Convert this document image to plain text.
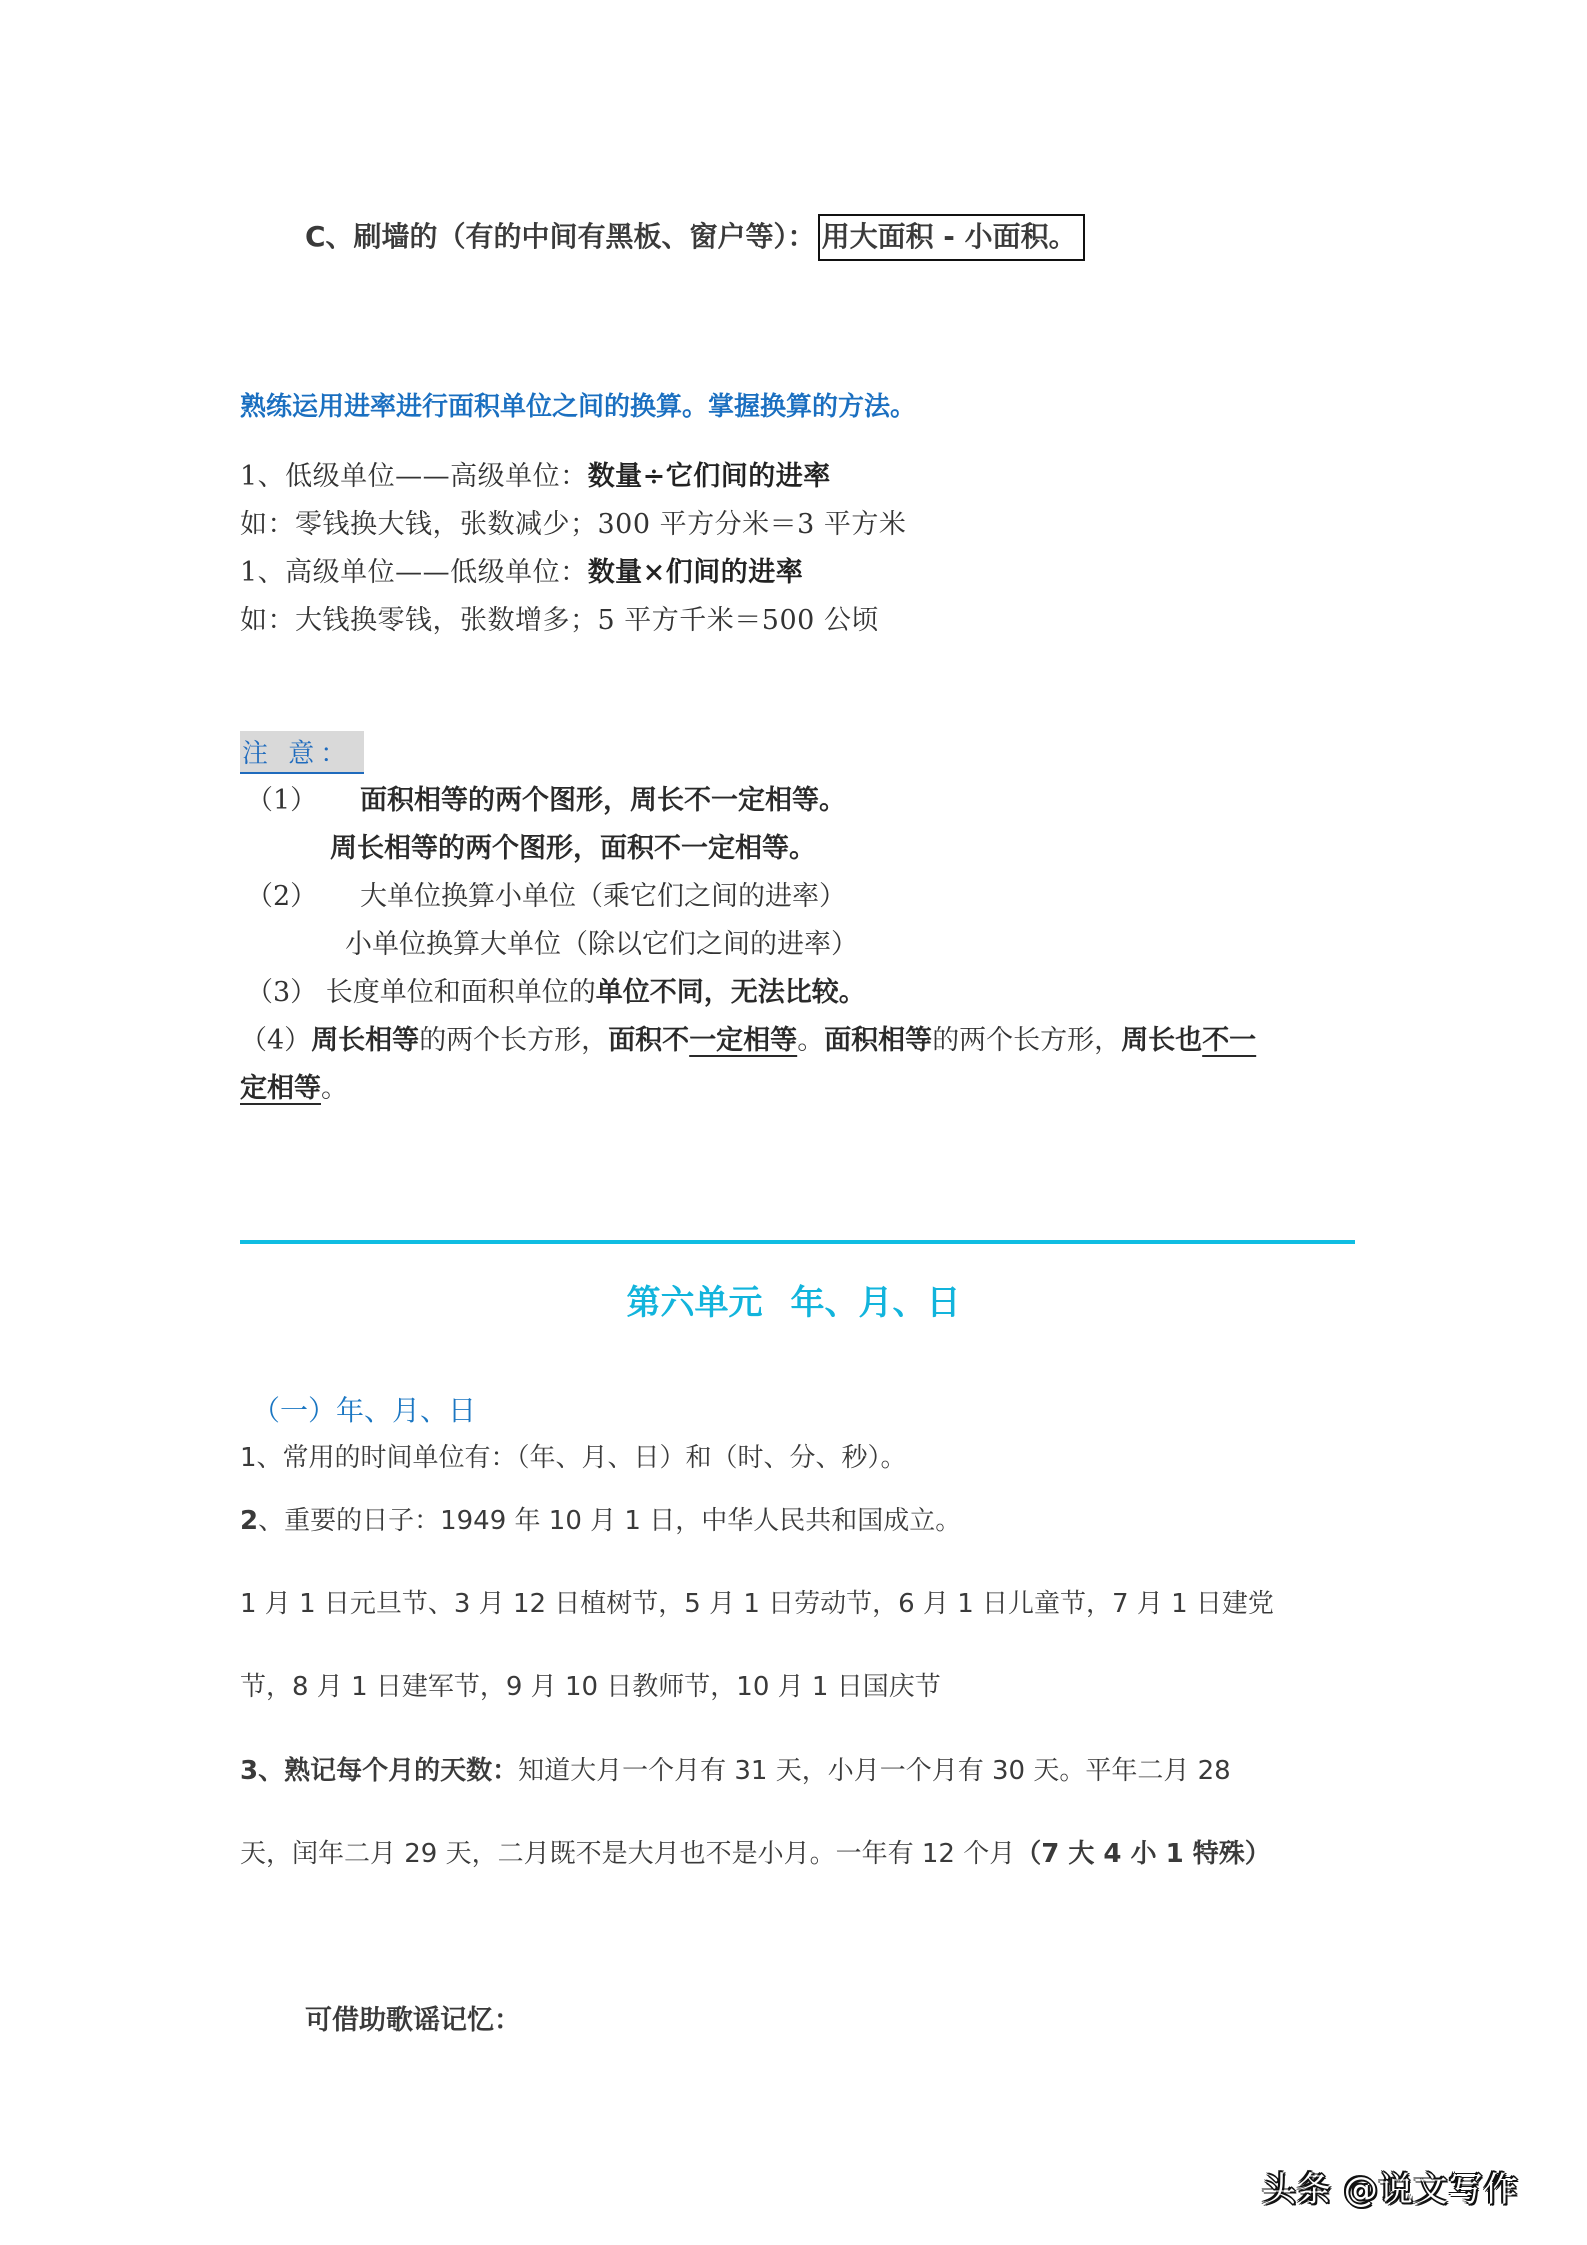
C、刷墙的（有的中间有黑板、窗户等）： 用大面积 - 小面积。
熟练运用进率进行面积单位之间的换算。掌握换算的方法。
1、低级单位——高级单位：数量÷它们间的进率
如：零钱换大钱，张数减少；300 平方分米＝3 平方米
1、高级单位——低级单位：数量×们间的进率
如：大钱换零钱，张数增多；5 平方千米＝500 公顷
注 意：
（1） 面积相等的两个图形，周长不一定相等。
周长相等的两个图形，面积不一定相等。
（2） 大单位换算小单位（乘它们之间的进率）
小单位换算大单位（除以它们之间的进率）
（3） 长度单位和面积单位的单位不同，无法比较。
（4）周长相等的两个长方形，面积不一定相等。面积相等的两个长方形，周长也不一
定相等。
第六单元 年、月、日
（一）年、月、日
1、常用的时间单位有：（年、月、日）和（时、分、秒）。
2、重要的日子：1949 年 10 月 1 日，中华人民共和国成立。
1 月 1 日元旦节、3 月 12 日植树节，5 月 1 日劳动节，6 月 1 日儿童节，7 月 1 日建党
节，8 月 1 日建军节，9 月 10 日教师节，10 月 1 日国庆节
3、熟记每个月的天数：知道大月一个月有 31 天，小月一个月有 30 天。平年二月 28
天，闰年二月 29 天，二月既不是大月也不是小月。一年有 12 个月（7 大 4 小 1 特殊）
可借助歌谣记忆：
头条 @说文写作
